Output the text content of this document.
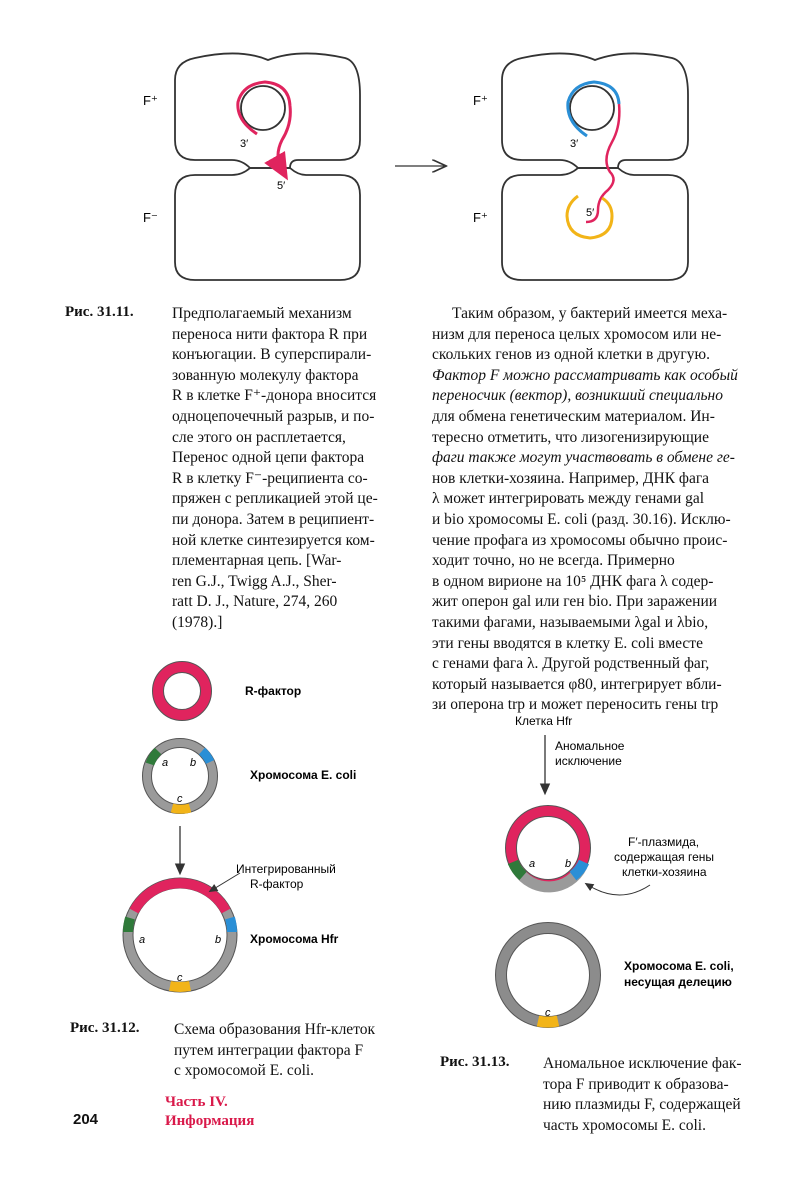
F⁺
F⁻
3′
5′
F⁺
F⁺
3′
5′
Рис. 31.11. Предполагаемый механизм
переноса нити фактора R при
конъюгации. В суперспирали-
зованную молекулу фактора
R в клетке F⁺-донора вносится
одноцепочечный разрыв, и по-
сле этого он расплетается,
Перенос одной цепи фактора
R в клетку F⁻-реципиента со-
пряжен с репликацией этой це-
пи донора. Затем в реципиент-
ной клетке синтезируется ком-
плементарная цепь. [War-
ren G.J., Twigg A.J., Sher-
ratt D. J., Nature, 274, 260
(1978).]
Таким образом, у бактерий имеется меха-
низм для переноса целых хромосом или не-
скольких генов из одной клетки в другую.
Фактор F можно рассматривать как особый
переносчик (вектор), возникший специально
для обмена генетическим материалом. Ин-
тересно отметить, что лизогенизирующие
фаги также могут участвовать в обмене ге-
нов клетки-хозяина. Например, ДНК фага
λ может интегрировать между генами gal
и bio хромосомы E. coli (разд. 30.16). Исклю-
чение профага из хромосомы обычно проис-
ходит точно, но не всегда. Примерно
в одном вирионе на 10⁵ ДНК фага λ содер-
жит оперон gal или ген bio. При заражении
такими фагами, называемыми λgal и λbio,
эти гены вводятся в клетку E. coli вместе
с генами фага λ. Другой родственный фаг,
который называется φ80, интегрирует вбли-
зи оперона trp и может переносить гены trp
R-фактор
a b
c
Хромосома E. coli
a	b
c
Интегрированный
R-фактор
Хромосома Hfr
Рис. 31.12. Схема образования Hfr-клеток
путем интеграции фактора F
с хромосомой E. coli.
Клетка Hfr
Аномальное
исключение
a	b
F′-плазмида,
содержащая гены
клетки-хозяина
c
Хромосома E. coli,
несущая делецию
Рис. 31.13. Аномальное исключение фак-
тора F приводит к образова-
нию плазмиды F, содержащей
часть хромосомы E. coli.
204
Часть IV.
Информация
